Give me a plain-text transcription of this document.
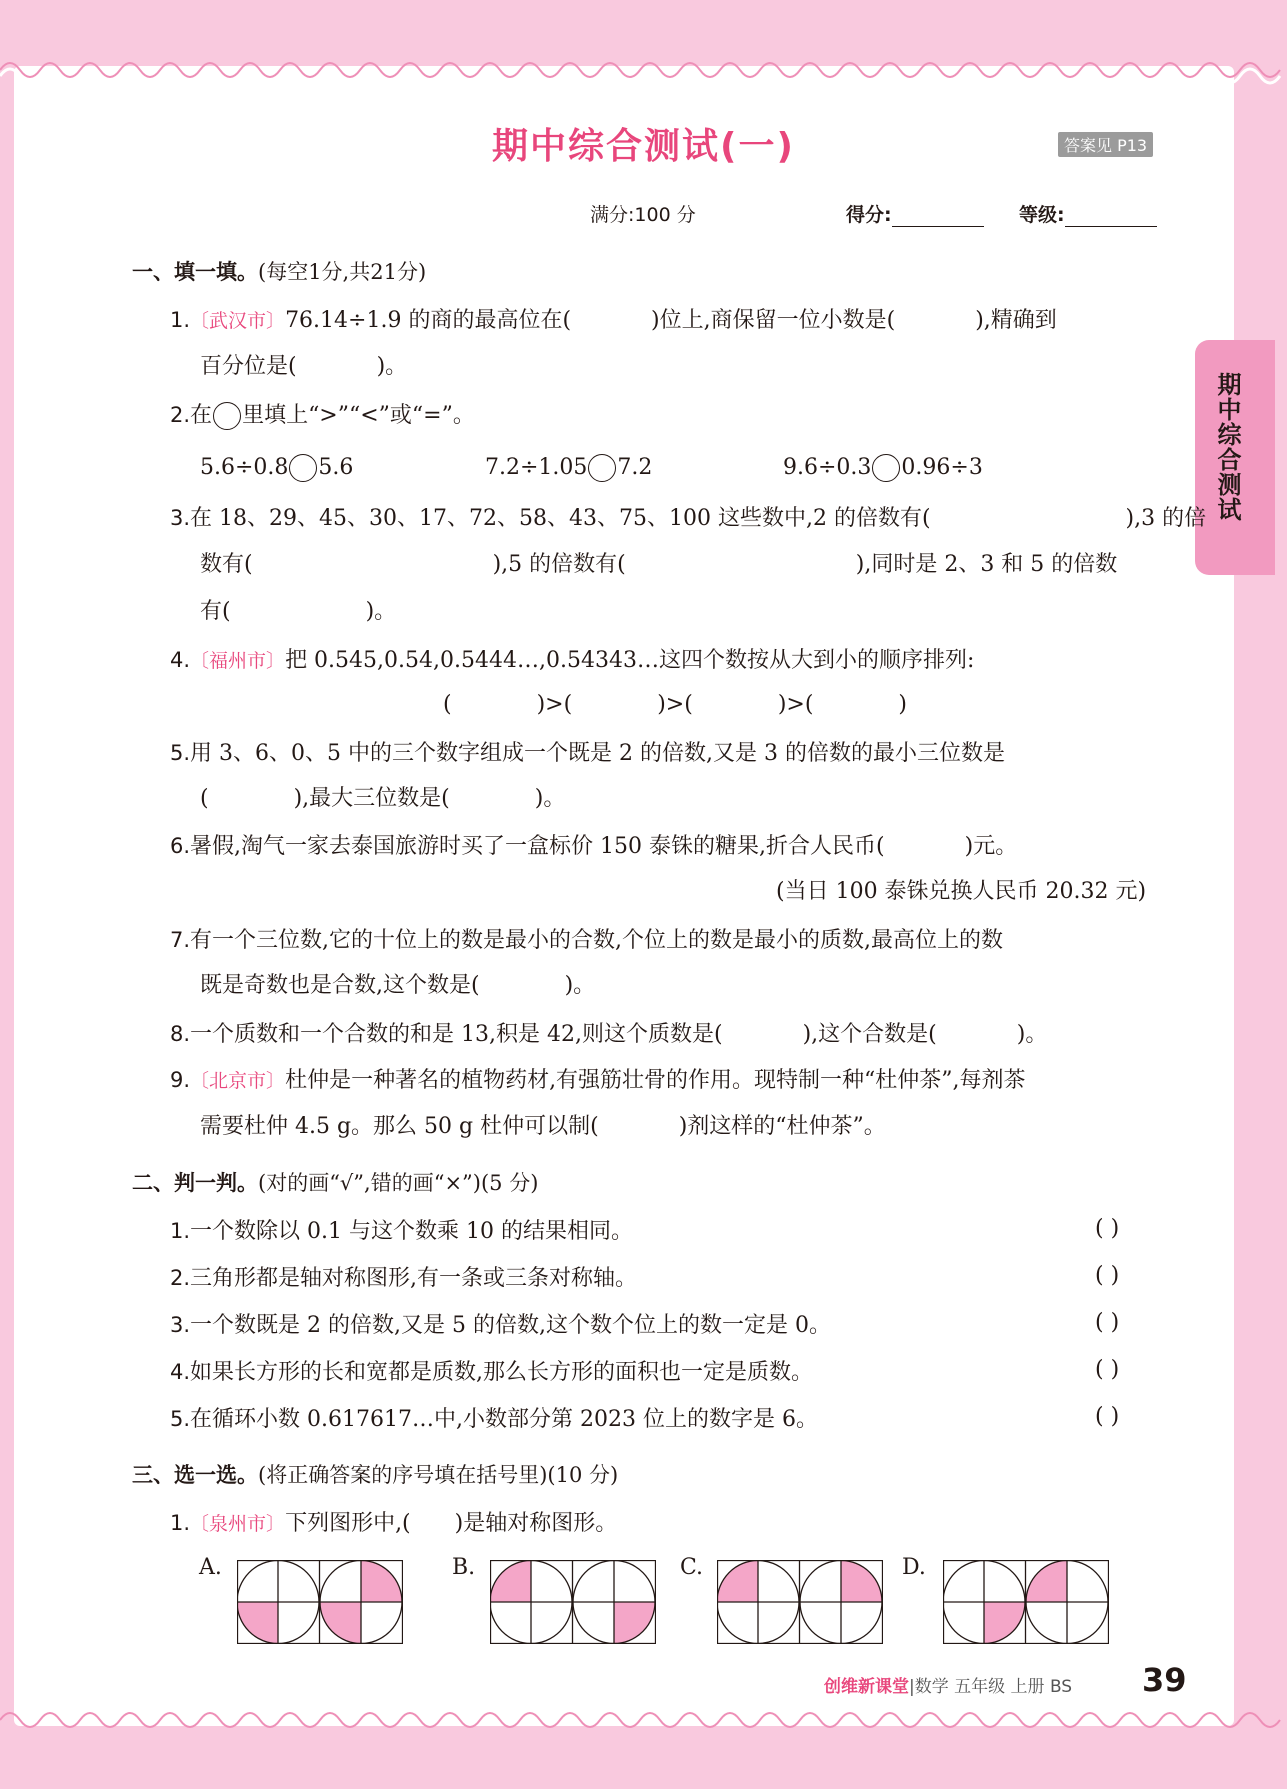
期中综合测试(一)	答案见 P13
满分:100 分	得分:	等级:
期中综合测试
一、填一填。(每空1分,共21分)
1.〔武汉市〕76.14÷1.9 的商的最高位在(	)位上,商保留一位小数是(	),精确到
百分位是(	)。
2.在 里填上“>”“<”或“=”。
5.6÷0.8 5.6	7.2÷1.05 7.2	9.6÷0.3 0.96÷3
3.在 18、29、45、30、17、72、58、43、75、100 这些数中,2 的倍数有(	),3 的倍
数有(	),5 的倍数有(	),同时是 2、3 和 5 的倍数
有(	)。
4.〔福州市〕把 0.545,0.54,0.5444…,0.54343…这四个数按从大到小的顺序排列:
(	)>(	)>(	)>(	)
5.用 3、6、0、5 中的三个数字组成一个既是 2 的倍数,又是 3 的倍数的最小三位数是
(	),最大三位数是(	)。
6.暑假,淘气一家去泰国旅游时买了一盒标价 150 泰铢的糖果,折合人民币(	)元。
(当日 100 泰铢兑换人民币 20.32 元)
7.有一个三位数,它的十位上的数是最小的合数,个位上的数是最小的质数,最高位上的数
既是奇数也是合数,这个数是(	)。
8.一个质数和一个合数的和是 13,积是 42,则这个质数是(	),这个合数是(	)。
9.〔北京市〕杜仲是一种著名的植物药材,有强筋壮骨的作用。现特制一种“杜仲茶”,每剂茶
需要杜仲 4.5 g。那么 50 g 杜仲可以制(	)剂这样的“杜仲茶”。
二、判一判。(对的画“√”,错的画“×”)(5 分)
1.一个数除以 0.1 与这个数乘 10 的结果相同。	( )
2.三角形都是轴对称图形,有一条或三条对称轴。	( )
3.一个数既是 2 的倍数,又是 5 的倍数,这个数个位上的数一定是 0。	( )
4.如果长方形的长和宽都是质数,那么长方形的面积也一定是质数。	( )
5.在循环小数 0.617617…中,小数部分第 2023 位上的数字是 6。	( )
三、选一选。(将正确答案的序号填在括号里)(10 分)
1.〔泉州市〕下列图形中,( )是轴对称图形。
A.	B.	C.	D.
创维新课堂|数学 五年级 上册 BS 39
